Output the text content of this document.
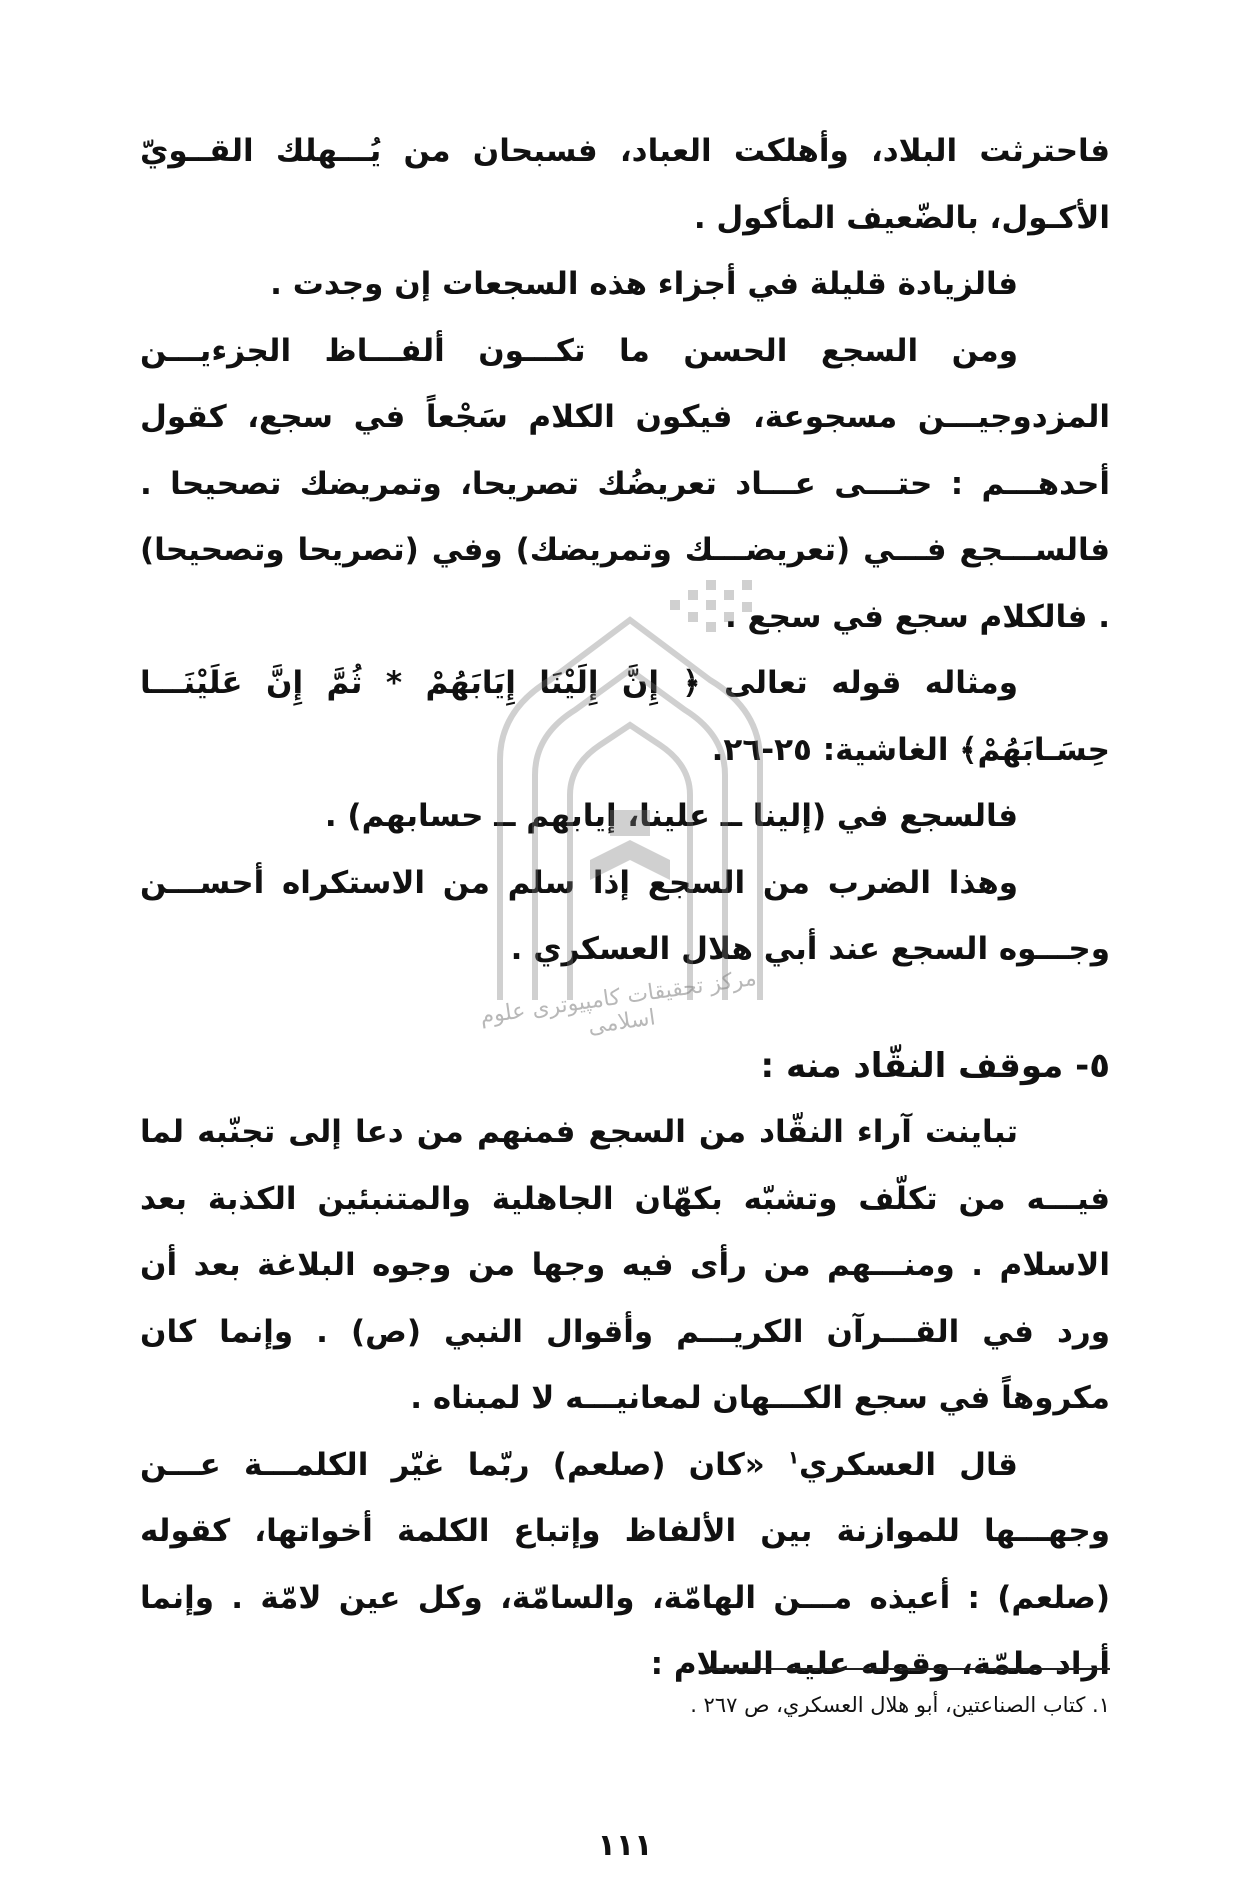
فاحترثت البلاد، وأهلكت العباد، فسبحان من يُـــهلك القــويّ الأكـول، بالضّعيف المأكول .

فالزيادة قليلة في أجزاء هذه السجعات إن وجدت .

ومن السجع الحسن ما تكـــون ألفـــاظ الجزءيـــن المزدوجيـــن مسجوعة، فيكون الكلام سَجْعاً في سجع، كقول أحدهـــم : حتـــى عـــاد تعريضُك تصريحا، وتمريضك تصحيحا . فالســـجع فـــي (تعريضـــك وتمريضك) وفي (تصريحا وتصحيحا) . فالكلام سجع في سجع .

ومثاله قوله تعالى ﴿ إِنَّ إِلَيْنَا إِيَابَهُمْ * ثُمَّ إِنَّ عَلَيْنَـــا حِسَـابَهُمْ﴾ الغاشية: ٢٥-٢٦.

فالسجع في (إلينا ــ علينا، إيابهم ــ حسابهم) .

وهذا الضرب من السجع إذا سلم من الاستكراه أحســـن وجـــوه السجع عند أبي هلال العسكري .

٥- موقف النقّاد منه :

تباينت آراء النقّاد من السجع فمنهم من دعا إلى تجنّبه لما فيـــه من تكلّف وتشبّه بكهّان الجاهلية والمتنبئين الكذبة بعد الاسلام . ومنـــهم من رأى فيه وجها من وجوه البلاغة بعد أن ورد في القـــرآن الكريـــم وأقوال النبي (ص) . وإنما كان مكروهاً في سجع الكـــهان لمعانيـــه لا لمبناه .

قال العسكري$^١$ «كان (صلعم) ربّما غيّر الكلمـــة عـــن وجهـــها للموازنة بين الألفاظ وإتباع الكلمة أخواتها، كقوله (صلعم) : أعيذه مـــن الهامّة، والسامّة، وكل عين لامّة . وإنما أراد ملمّة، وقوله عليه السلام :

مرکز تحقیقات کامپیوتری علوم اسلامی
١. كتاب الصناعتين، أبو هلال العسكري، ص ٢٦٧ .
١١١
